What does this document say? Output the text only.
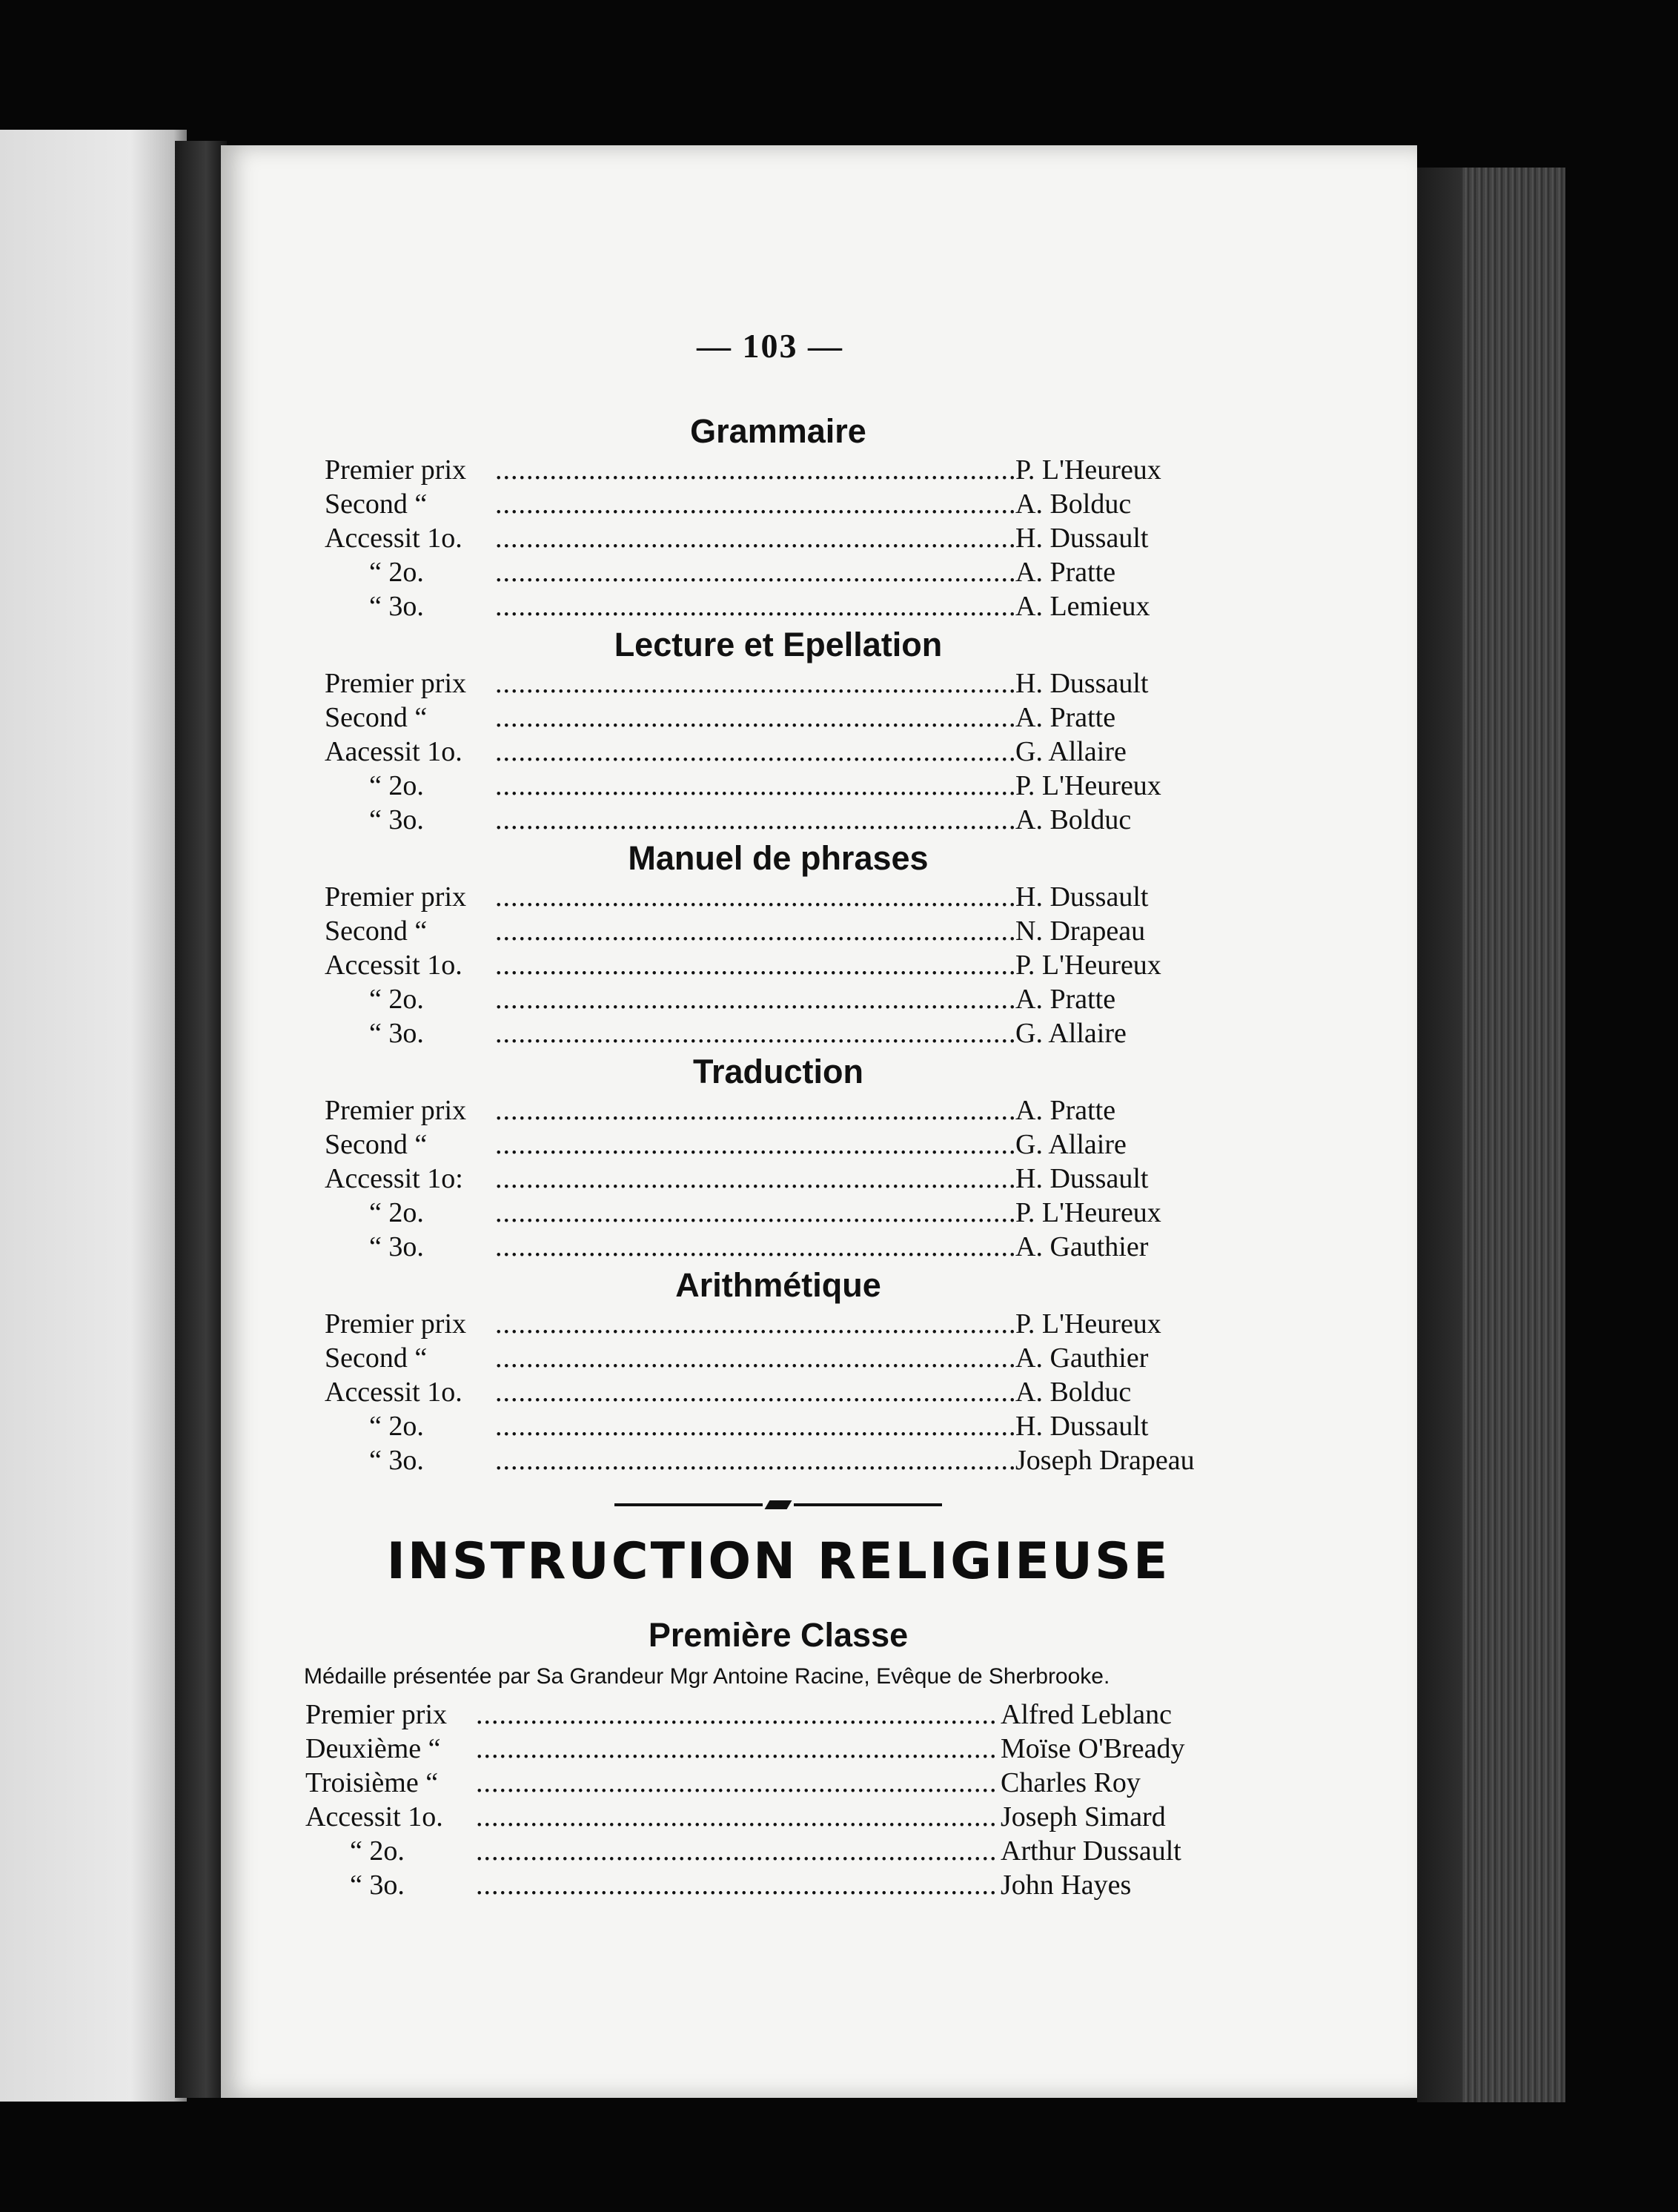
— 103 —
Grammaire
Premier prix .....	P. L'Heureux
Second “ .....	A. Bolduc
Accessit 1o. .....	H. Dussault
“ 2o. .....	A. Pratte
“ 3o. .....	A. Lemieux
Lecture et Epellation
Premier prix .....	H. Dussault
Second “ .....	A. Pratte
Aacessit 1o. .....	G. Allaire
“ 2o. .....	P. L'Heureux
“ 3o. .....	A. Bolduc
Manuel de phrases
Premier prix .....	H. Dussault
Second “ .....	N. Drapeau
Accessit 1o. .....	P. L'Heureux
“ 2o. .....	A. Pratte
“ 3o. .....	G. Allaire
Traduction
Premier prix .....	A. Pratte
Second “ .....	G. Allaire
Accessit 1o: .....	H. Dussault
“ 2o. .....	P. L'Heureux
“ 3o. .....	A. Gauthier
Arithmétique
Premier prix .....	P. L'Heureux
Second “ .....	A. Gauthier
Accessit 1o. .....	A. Bolduc
“ 2o. .....	H. Dussault
“ 3o. .....	Joseph Drapeau
INSTRUCTION RELIGIEUSE
Première Classe
Médaille présentée par Sa Grandeur Mgr Antoine Racine, Evêque de Sherbrooke.
Premier prix .....	Alfred Leblanc
Deuxième “ .....	Moïse O'Bready
Troisième “ .....	Charles Roy
Accessit 1o. .....	Joseph Simard
“ 2o. .....	Arthur Dussault
“ 3o. .....	John Hayes
